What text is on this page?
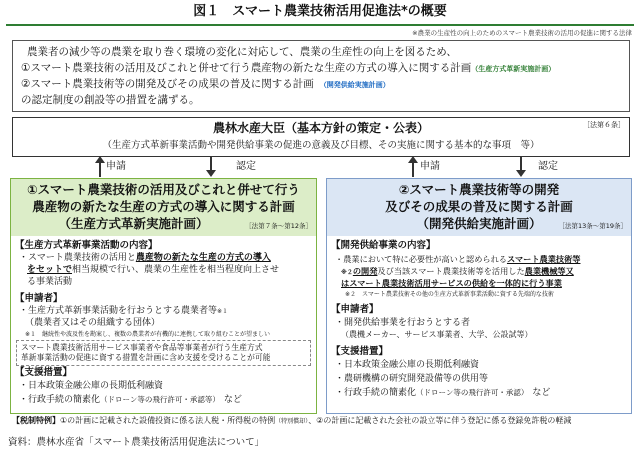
図１　スマート農業技術活用促進法*の概要
※農業の生産性の向上のためのスマート農業技術の活用の促進に関する法律
農業者の減少等の農業を取り巻く環境の変化に対応して、農業の生産性の向上を図るため、
①スマート農業技術の活用及びこれと併せて行う農産物の新たな生産の方式の導入に関する計画（生産方式革新実施計画）
②スマート農業技術等の開発及びその成果の普及に関する計画 （開発供給実施計画）
の認定制度の創設等の措置を講ずる。
農林水産大臣（基本方針の策定・公表）	［法第６条］
（生産方式革新事業活動や開発供給事業の促進の意義及び目標、その実施に関する基本的な事項　等）
申請	認定	申請	認定
①スマート農業技術の活用及びこれと併せて行う
農産物の新たな生産の方式の導入に関する計画
（生産方式革新実施計画）	［法第７条～第12条］
【生産方式革新事業活動の内容】
・スマート農業技術の活用と農産物の新たな生産の方式の導入
をセットで相当規模で行い、農業の生産性を相当程度向上させ
る事業活動
【申請者】
・生産方式革新事業活動を行おうとする農業者等※１
（農業者又はその組織する団体）
※１　継続性や波及性を勘案し、複数の農業者が有機的に連携して取り組むことが望ましい
スマート農業技術活用サービス事業者や食品等事業者が行う生産方式
革新事業活動の促進に資する措置を計画に含め支援を受けることが可能
【支援措置】
・日本政策金融公庫の長期低利融資
・行政手続の簡素化（ドローン等の飛行許可・承認等） など
②スマート農業技術等の開発
及びその成果の普及に関する計画
（開発供給実施計画）	［法第13条～第19条］
【開発供給事業の内容】
・農業において特に必要性が高いと認められるスマート農業技術等
※２の開発及び当該スマート農業技術等を活用した農業機械等又
はスマート農業技術活用サービスの供給を一体的に行う事業
※２　スマート農業技術その他の生産方式革新事業活動に資する先端的な技術
【申請者】
・開発供給事業を行おうとする者
（農機メーカー、サービス事業者、大学、公設試等）
【支援措置】
・日本政策金融公庫の長期低利融資
・農研機構の研究開発設備等の供用等
・行政手続の簡素化（ドローン等の飛行許可・承認） など
【税制特例】①の計画に記載された設備投資に係る法人税・所得税の特例（特別償却）、②の計画に記載された会社の設立等に伴う登記に係る登録免許税の軽減
資料：農林水産省「スマート農業技術活用促進法について」
